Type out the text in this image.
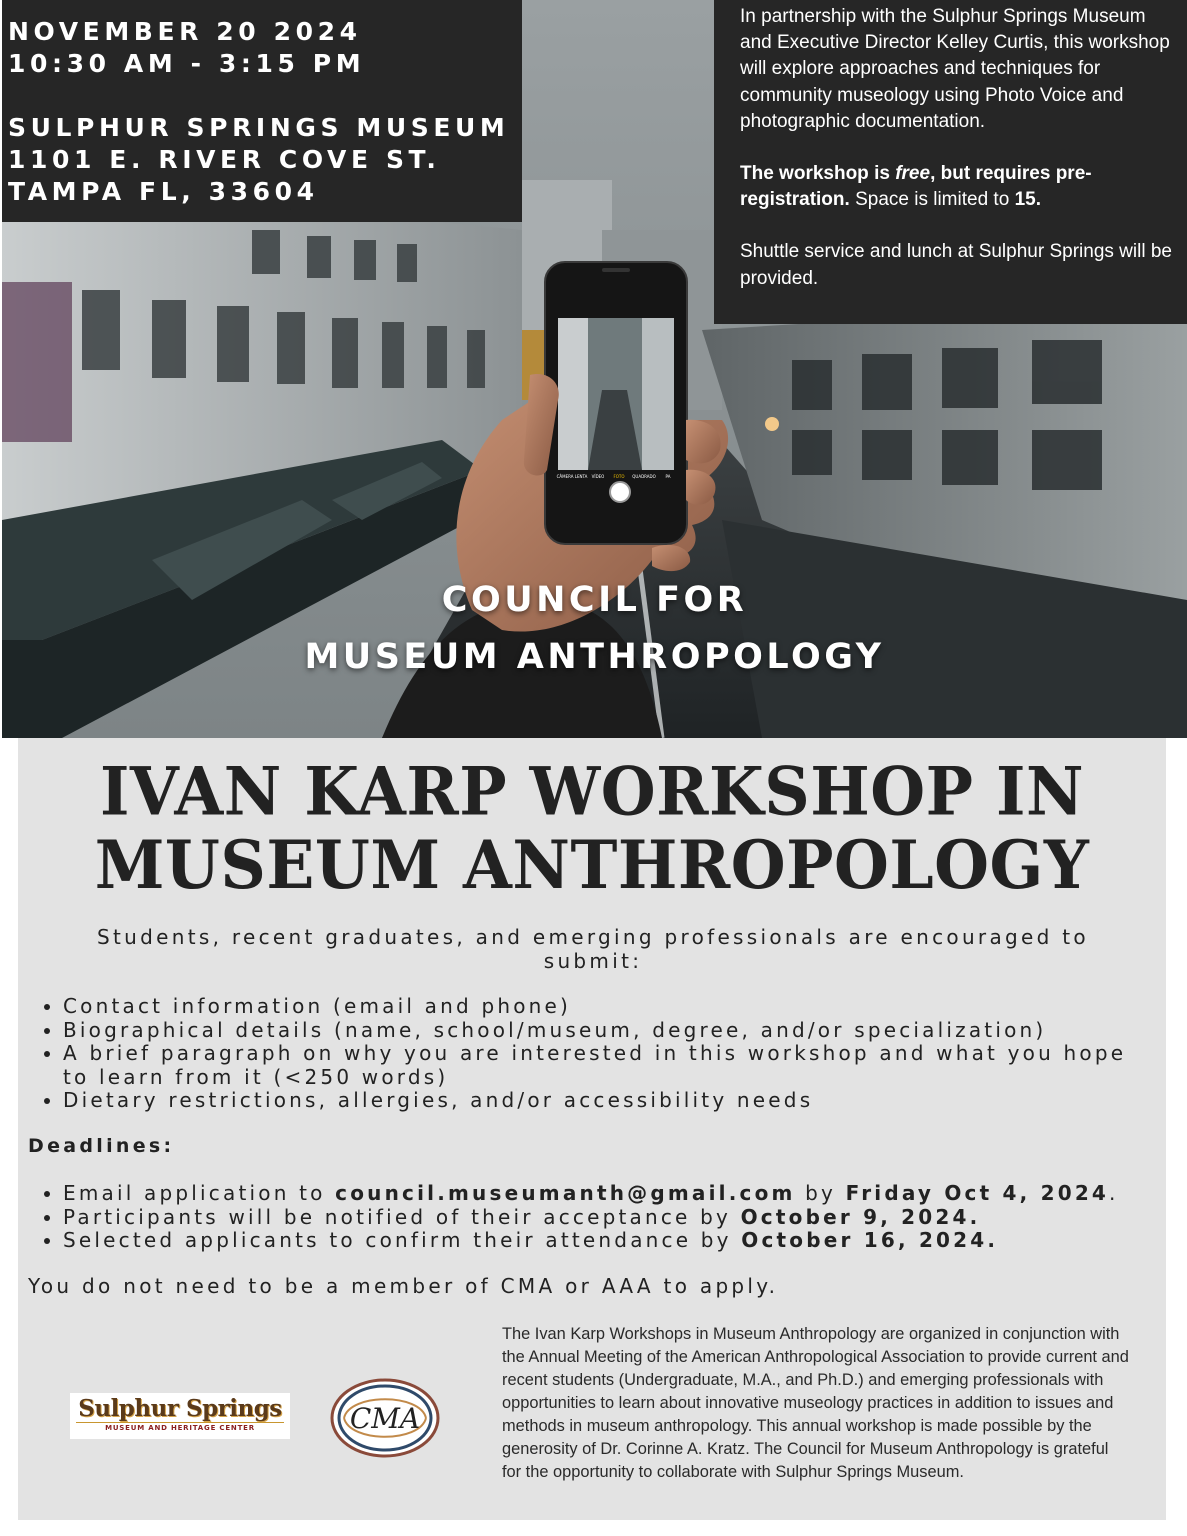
CÂMERA LENTA VÍDEO FOTO QUADRADO PA
NOVEMBER 20 2024
10:30 AM - 3:15 PM
SULPHUR SPRINGS MUSEUM
1101 E. RIVER COVE ST.
TAMPA FL, 33604

In partnership with the Sulphur Springs Museum and Executive Director Kelley Curtis, this workshop will explore approaches and techniques for community museology using Photo Voice and photographic documentation.

The workshop is free, but requires pre-registration. Space is limited to 15.

Shuttle service and lunch at Sulphur Springs will be provided.

COUNCIL FOR
MUSEUM ANTHROPOLOGY
IVAN KARP WORKSHOP IN
MUSEUM ANTHROPOLOGY
Students, recent graduates, and emerging professionals are encouraged to submit:
• Contact information (email and phone)
• Biographical details (name, school/museum, degree, and/or specialization)
• A brief paragraph on why you are interested in this workshop and what you hope to learn from it (<250 words)
• Dietary restrictions, allergies, and/or accessibility needs
Deadlines:
• Email application to council.museumanth@gmail.com by Friday Oct 4, 2024.
• Participants will be notified of their acceptance by October 9, 2024.
• Selected applicants to confirm their attendance by October 16, 2024.
You do not need to be a member of CMA or AAA to apply.
Sulphur Springs
MUSEUM AND HERITAGE CENTER	CMA
The Ivan Karp Workshops in Museum Anthropology are organized in conjunction with the Annual Meeting of the American Anthropological Association to provide current and recent students (Undergraduate, M.A., and Ph.D.) and emerging professionals with opportunities to learn about innovative museology practices in addition to issues and methods in museum anthropology. This annual workshop is made possible by the generosity of Dr. Corinne A. Kratz. The Council for Museum Anthropology is grateful for the opportunity to collaborate with Sulphur Springs Museum.
